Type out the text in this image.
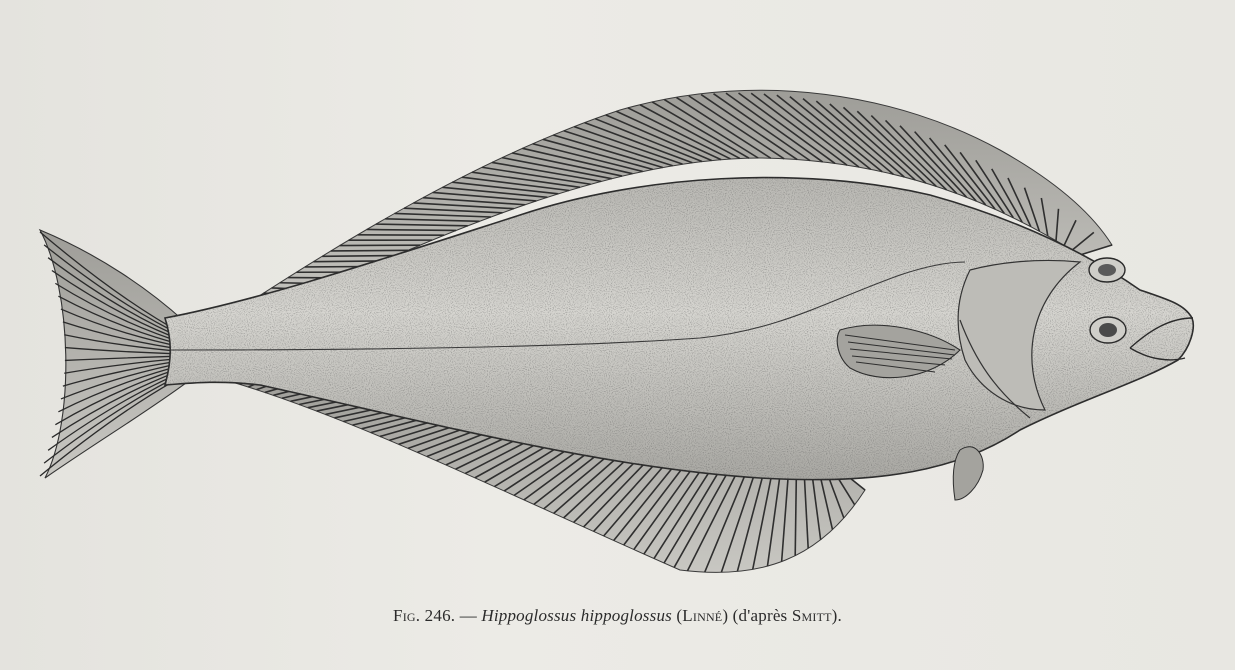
Fig. 246. — Hippoglossus hippoglossus (Linné) (d'après Smitt).
